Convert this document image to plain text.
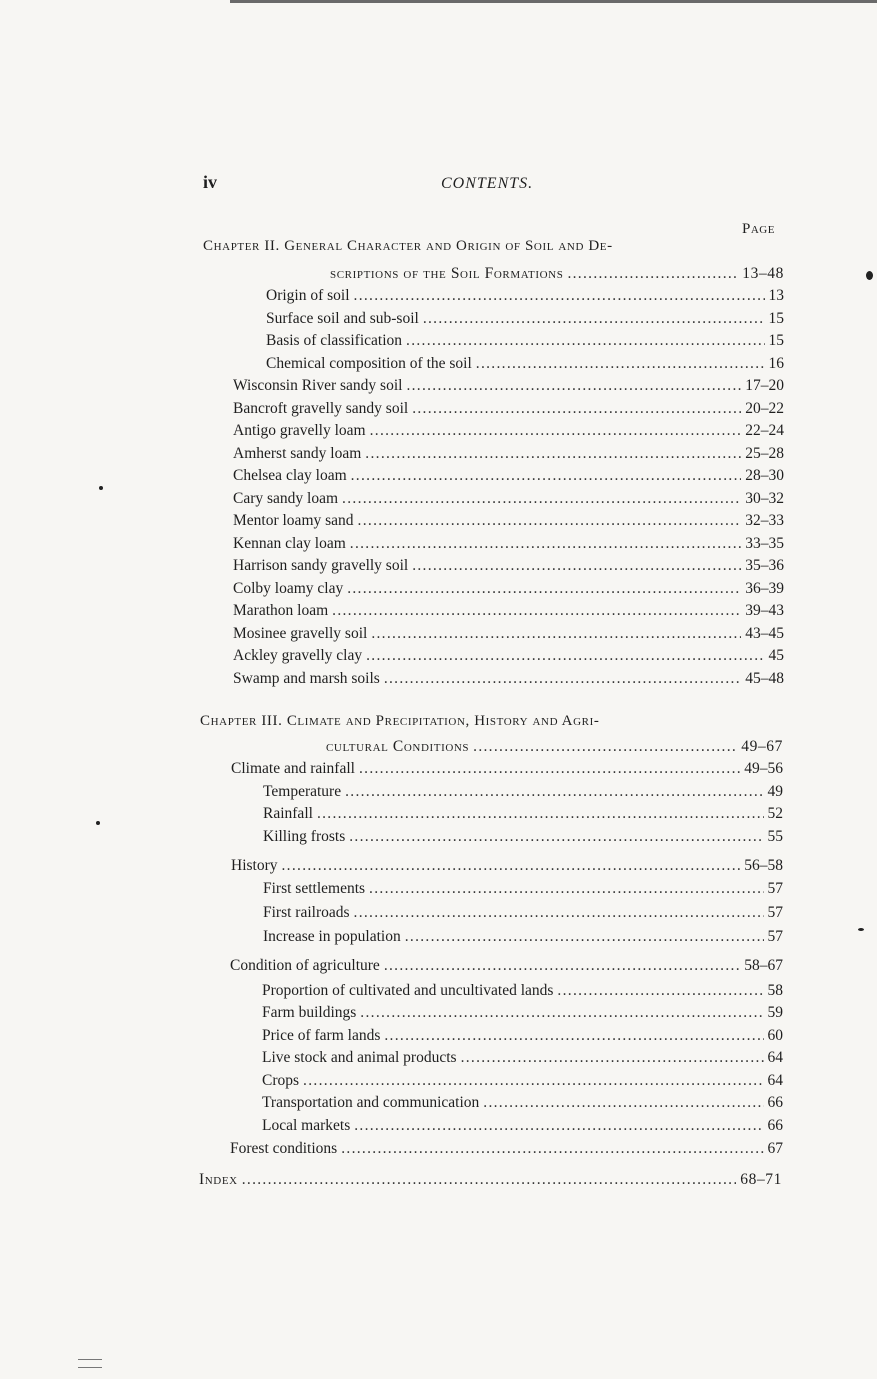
iv	CONTENTS.
Page
Chapter II. General Character and Origin of Soil and De-
scriptions of the Soil Formations .....	13–48
Origin of soil .....	13
Surface soil and sub-soil .....	15
Basis of classification .....	15
Chemical composition of the soil .....	16
Wisconsin River sandy soil .....	17–20
Bancroft gravelly sandy soil .....	20–22
Antigo gravelly loam .....	22–24
Amherst sandy loam .....	25–28
Chelsea clay loam .....	28–30
Cary sandy loam .....	30–32
Mentor loamy sand .....	32–33
Kennan clay loam .....	33–35
Harrison sandy gravelly soil .....	35–36
Colby loamy clay .....	36–39
Marathon loam .....	39–43
Mosinee gravelly soil .....	43–45
Ackley gravelly clay .....	45
Swamp and marsh soils .....	45–48
Chapter III. Climate and Precipitation, History and Agri-
cultural Conditions .....	49–67
Climate and rainfall .....	49–56
Temperature .....	49
Rainfall .....	52
Killing frosts .....	55
History .....	56–58
First settlements .....	57
First railroads .....	57
Increase in population .....	57
Condition of agriculture .....	58–67
Proportion of cultivated and uncultivated lands .....	58
Farm buildings .....	59
Price of farm lands .....	60
Live stock and animal products .....	64
Crops .....	64
Transportation and communication .....	66
Local markets .....	66
Forest conditions .....	67
Index .....	68–71
